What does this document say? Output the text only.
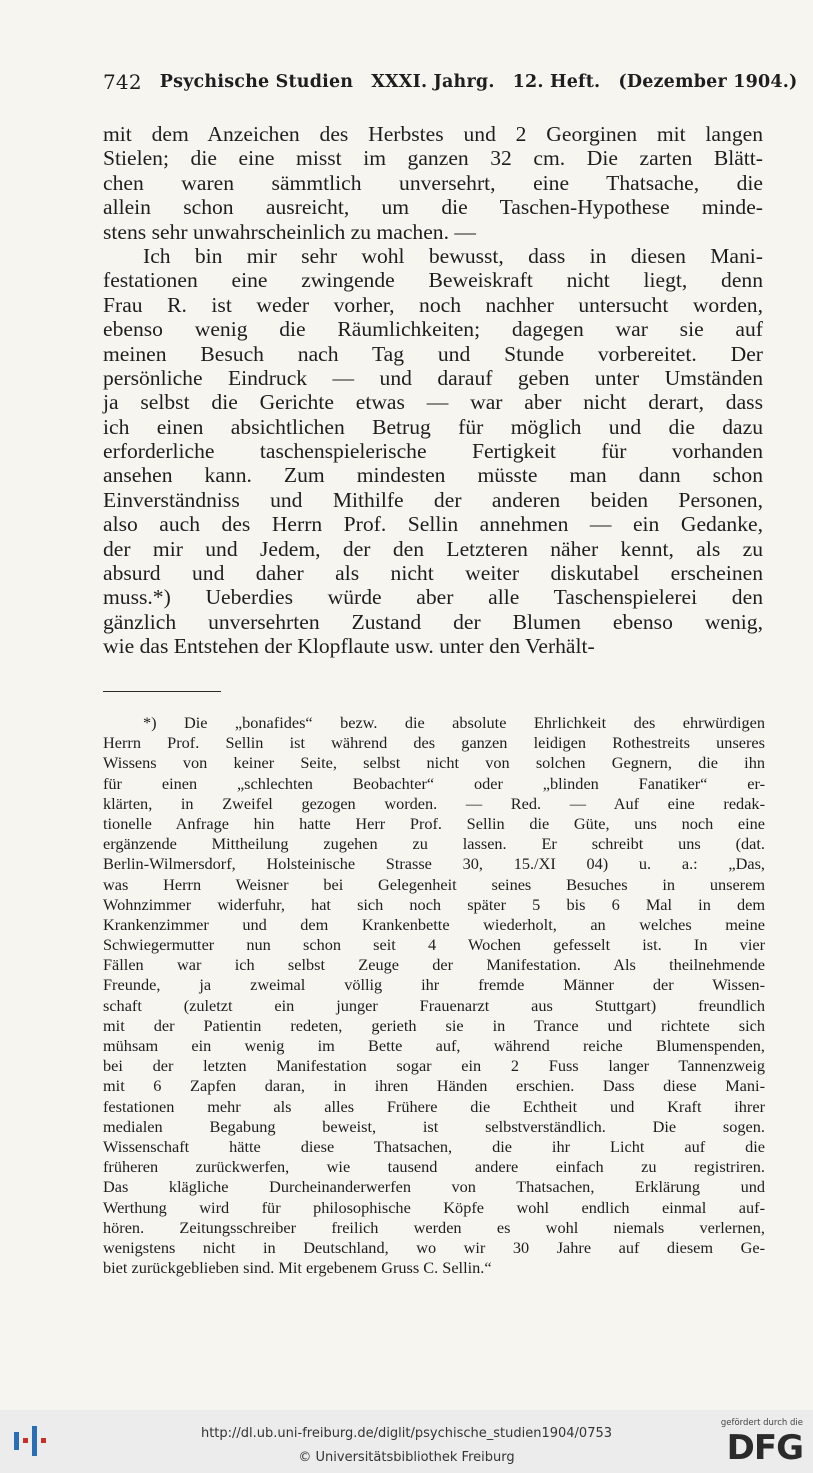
742 Psychische Studien XXXI. Jahrg. 12. Heft. (Dezember 1904.)
mit dem Anzeichen des Herbstes und 2 Georginen mit langen
Stielen; die eine misst im ganzen 32 cm. Die zarten Blätt-
chen waren sämmtlich unversehrt, eine Thatsache, die
allein schon ausreicht, um die Taschen-Hypothese minde-
stens sehr unwahrscheinlich zu machen. —
Ich bin mir sehr wohl bewusst, dass in diesen Mani-
festationen eine zwingende Beweiskraft nicht liegt, denn
Frau R. ist weder vorher, noch nachher untersucht worden,
ebenso wenig die Räumlichkeiten; dagegen war sie auf
meinen Besuch nach Tag und Stunde vorbereitet. Der
persönliche Eindruck — und darauf geben unter Umständen
ja selbst die Gerichte etwas — war aber nicht derart, dass
ich einen absichtlichen Betrug für möglich und die dazu
erforderliche taschenspielerische Fertigkeit für vorhanden
ansehen kann. Zum mindesten müsste man dann schon
Einverständniss und Mithilfe der anderen beiden Personen,
also auch des Herrn Prof. Sellin annehmen — ein Gedanke,
der mir und Jedem, der den Letzteren näher kennt, als zu
absurd und daher als nicht weiter diskutabel erscheinen
muss.*) Ueberdies würde aber alle Taschenspielerei den
gänzlich unversehrten Zustand der Blumen ebenso wenig,
wie das Entstehen der Klopflaute usw. unter den Verhält-
*) Die „bonafides“ bezw. die absolute Ehrlichkeit des ehrwürdigen
Herrn Prof. Sellin ist während des ganzen leidigen Rothestreits unseres
Wissens von keiner Seite, selbst nicht von solchen Gegnern, die ihn
für einen „schlechten Beobachter“ oder „blinden Fanatiker“ er-
klärten, in Zweifel gezogen worden. — Red. — Auf eine redak-
tionelle Anfrage hin hatte Herr Prof. Sellin die Güte, uns noch eine
ergänzende Mittheilung zugehen zu lassen. Er schreibt uns (dat.
Berlin-Wilmersdorf, Holsteinische Strasse 30, 15./XI 04) u. a.: „Das,
was Herrn Weisner bei Gelegenheit seines Besuches in unserem
Wohnzimmer widerfuhr, hat sich noch später 5 bis 6 Mal in dem
Krankenzimmer und dem Krankenbette wiederholt, an welches meine
Schwiegermutter nun schon seit 4 Wochen gefesselt ist. In vier
Fällen war ich selbst Zeuge der Manifestation. Als theilnehmende
Freunde, ja zweimal völlig ihr fremde Männer der Wissen-
schaft (zuletzt ein junger Frauenarzt aus Stuttgart) freundlich
mit der Patientin redeten, gerieth sie in Trance und richtete sich
mühsam ein wenig im Bette auf, während reiche Blumenspenden,
bei der letzten Manifestation sogar ein 2 Fuss langer Tannenzweig
mit 6 Zapfen daran, in ihren Händen erschien. Dass diese Mani-
festationen mehr als alles Frühere die Echtheit und Kraft ihrer
medialen Begabung beweist, ist selbstverständlich. Die sogen.
Wissenschaft hätte diese Thatsachen, die ihr Licht auf die
früheren zurückwerfen, wie tausend andere einfach zu registriren.
Das klägliche Durcheinanderwerfen von Thatsachen, Erklärung und
Werthung wird für philosophische Köpfe wohl endlich einmal auf-
hören. Zeitungsschreiber freilich werden es wohl niemals verlernen,
wenigstens nicht in Deutschland, wo wir 30 Jahre auf diesem Ge-
biet zurückgeblieben sind. Mit ergebenem Gruss C. Sellin.“
http://dl.ub.uni-freiburg.de/diglit/psychische_studien1904/0753
© Universitätsbibliothek Freiburg
gefördert durch die
DFG
